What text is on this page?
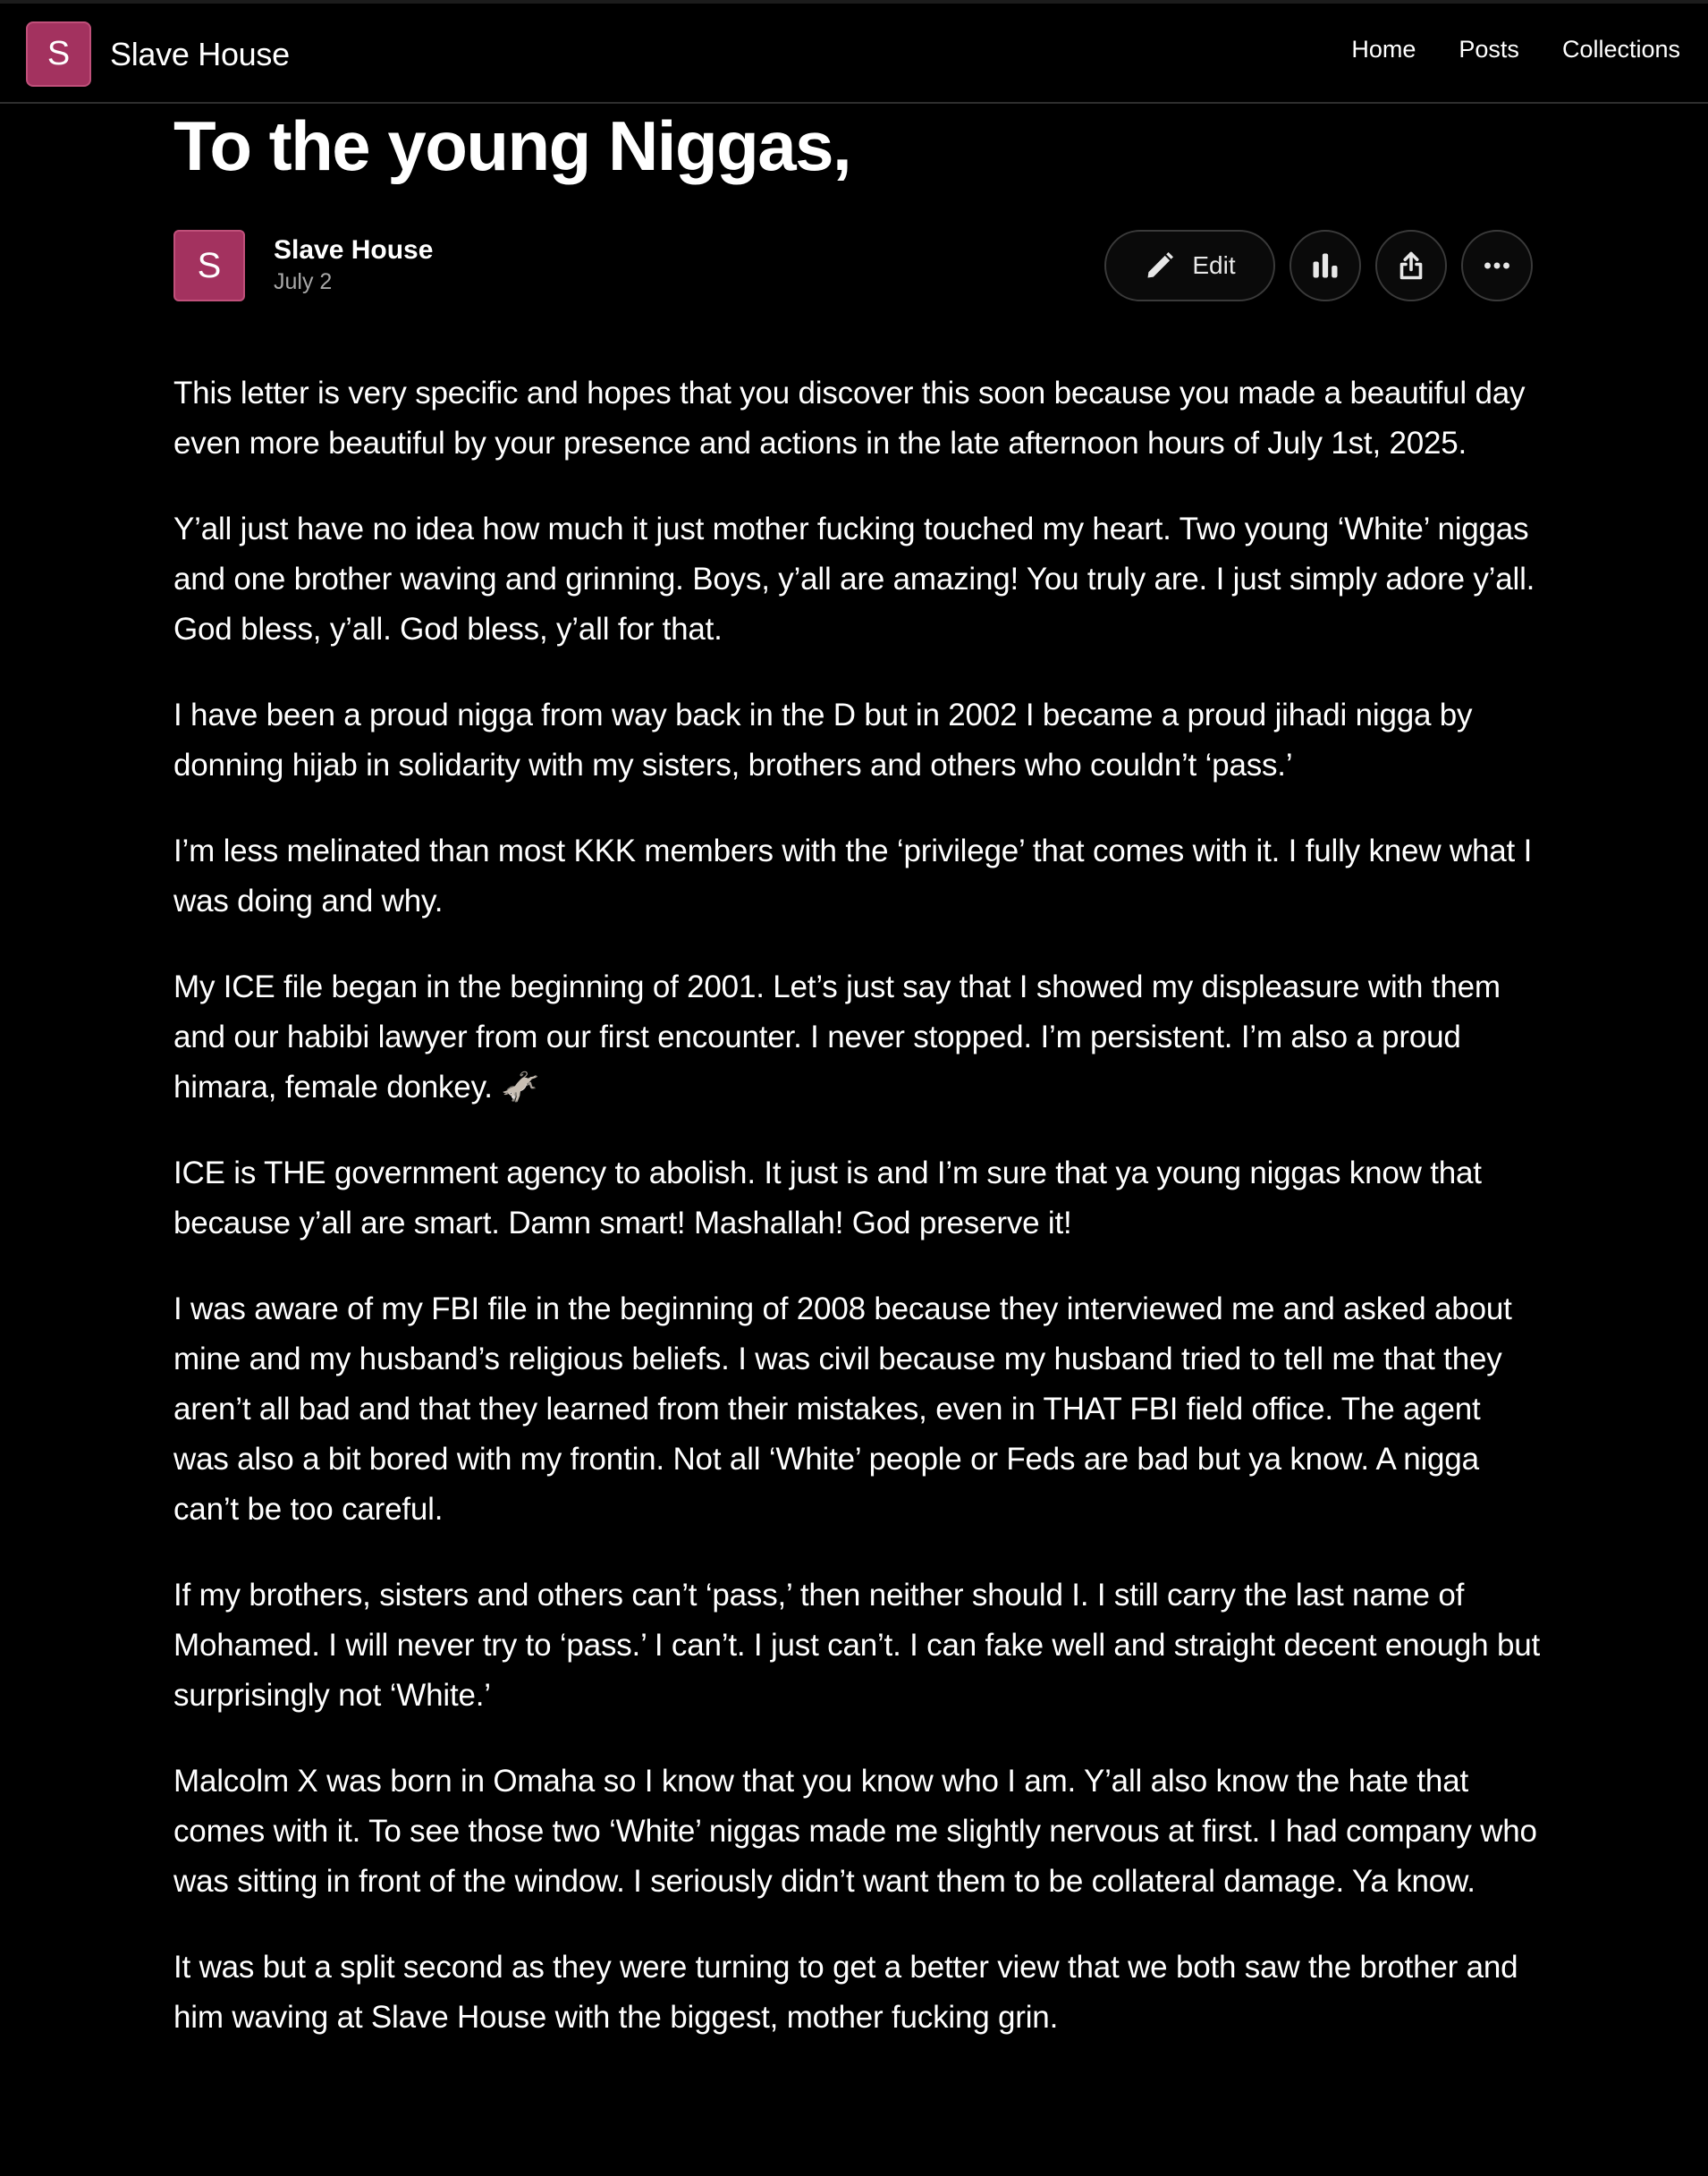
S Slave House	Home Posts Collections
To the young Niggas,
S Slave House
July 2
Edit

This letter is very specific and hopes that you discover this soon because you made a beautiful day even more beautiful by your presence and actions in the late afternoon hours of July 1st, 2025.

Y’all just have no idea how much it just mother fucking touched my heart. Two young ‘White’ niggas and one brother waving and grinning. Boys, y’all are amazing! You truly are. I just simply adore y’all. God bless, y’all. God bless, y’all for that.

I have been a proud nigga from way back in the D but in 2002 I became a proud jihadi nigga by donning hijab in solidarity with my sisters, brothers and others who couldn’t ‘pass.’

I’m less melinated than most KKK members with the ‘privilege’ that comes with it. I fully knew what I was doing and why.

My ICE file began in the beginning of 2001. Let’s just say that I showed my displeasure with them and our habibi lawyer from our first encounter. I never stopped. I’m persistent. I’m also a proud himara, female donkey. 🫏

ICE is THE government agency to abolish. It just is and I’m sure that ya young niggas know that because y’all are smart. Damn smart! Mashallah! God preserve it!

I was aware of my FBI file in the beginning of 2008 because they interviewed me and asked about mine and my husband’s religious beliefs. I was civil because my husband tried to tell me that they aren’t all bad and that they learned from their mistakes, even in THAT FBI field office. The agent was also a bit bored with my frontin. Not all ‘White’ people or Feds are bad but ya know. A nigga can’t be too careful.

If my brothers, sisters and others can’t ‘pass,’ then neither should I. I still carry the last name of Mohamed. I will never try to ‘pass.’ I can’t. I just can’t. I can fake well and straight decent enough but surprisingly not ‘White.’

Malcolm X was born in Omaha so I know that you know who I am. Y’all also know the hate that comes with it. To see those two ‘White’ niggas made me slightly nervous at first. I had company who was sitting in front of the window. I seriously didn’t want them to be collateral damage. Ya know.

It was but a split second as they were turning to get a better view that we both saw the brother and him waving at Slave House with the biggest, mother fucking grin.
